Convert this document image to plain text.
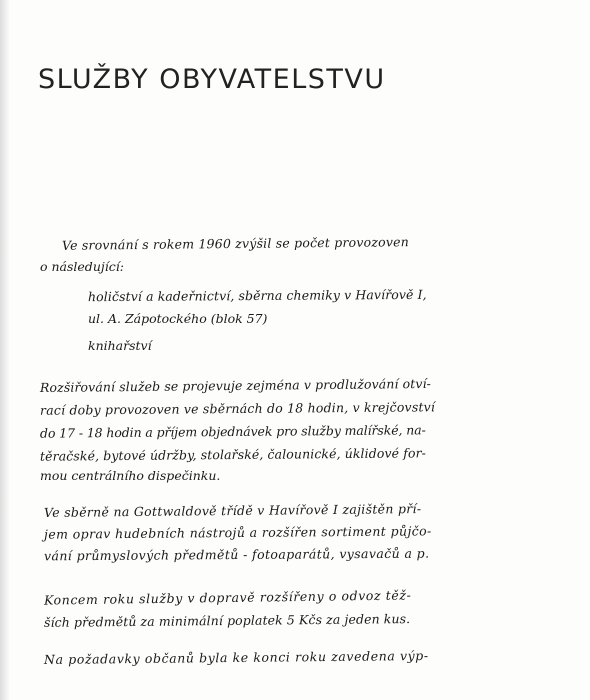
SLUŽBY OBYVATELSTVU

Ve srovnání s rokem 1960 zvýšil se počet provozoven

o následující:

holičství a kadeřnictví, sběrna chemiky v Havířově I,

ul. A. Zápotockého (blok 57)

knihařství

Rozšiřování služeb se projevuje zejména v prodlužování otví-

rací doby provozoven ve sběrnách do 18 hodin, v krejčovství

do 17 - 18 hodin a příjem objednávek pro služby malířské, na-

těračské, bytové údržby, stolařské, čalounické, úklidové for-

mou centrálního dispečinku.

Ve sběrně na Gottwaldově třídě v Havířově I zajištěn pří-

jem oprav hudebních nástrojů a rozšířen sortiment půjčo-

vání průmyslových předmětů - fotoaparátů, vysavačů a p.

Koncem roku služby v dopravě rozšířeny o odvoz těž-

ších předmětů za minimální poplatek 5 Kčs za jeden kus.

Na požadavky občanů byla ke konci roku zavedena výp-
